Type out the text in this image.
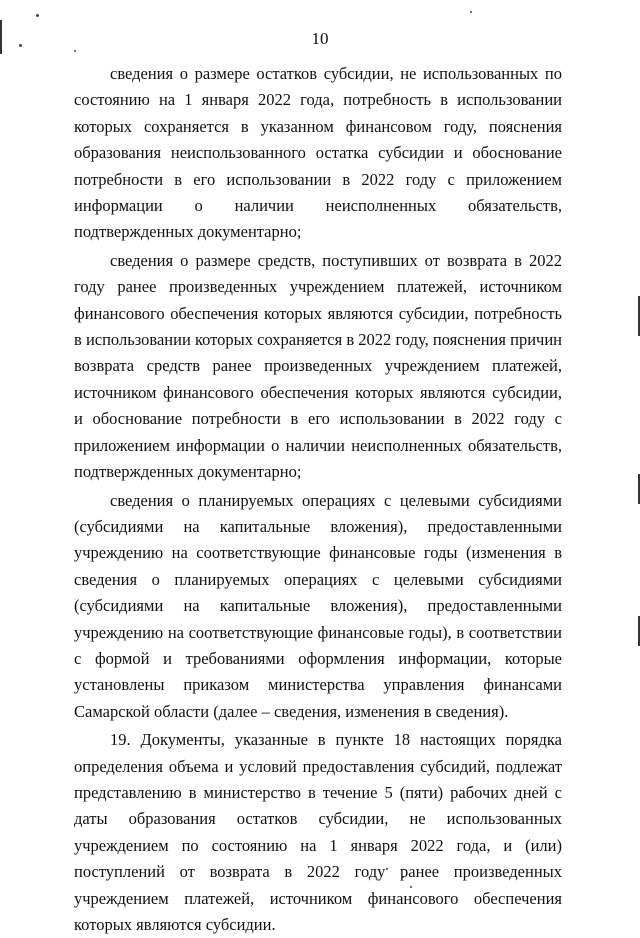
10

сведения о размере остатков субсидии, не использованных по состоянию на 1 января 2022 года, потребность в использовании которых сохраняется в указанном финансовом году, пояснения образования неиспользованного остатка субсидии и обоснование потребности в его использовании в 2022 году с приложением информации о наличии неисполненных обязательств, подтвержденных документарно;

сведения о размере средств, поступивших от возврата в 2022 году ранее произведенных учреждением платежей, источником финансового обеспечения которых являются субсидии, потребность в использовании которых сохраняется в 2022 году, пояснения причин возврата средств ранее произведенных учреждением платежей, источником финансового обеспечения которых являются субсидии, и обоснование потребности в его использовании в 2022 году с приложением информации о наличии неисполненных обязательств, подтвержденных документарно;

сведения о планируемых операциях с целевыми субсидиями (субсидиями на капитальные вложения), предоставленными учреждению на соответствующие финансовые годы (изменения в сведения о планируемых операциях с целевыми субсидиями (субсидиями на капитальные вложения), предоставленными учреждению на соответствующие финансовые годы), в соответствии с формой и требованиями оформления информации, которые установлены приказом министерства управления финансами Самарской области (далее – сведения, изменения в сведения).

19. Документы, указанные в пункте 18 настоящих порядка определения объема и условий предоставления субсидий, подлежат представлению в министерство в течение 5 (пяти) рабочих дней с даты образования остатков субсидии, не использованных учреждением по состоянию на 1 января 2022 года, и (или) поступлений от возврата в 2022 году ранее произведенных учреждением платежей, источником финансового обеспечения которых являются субсидии.
